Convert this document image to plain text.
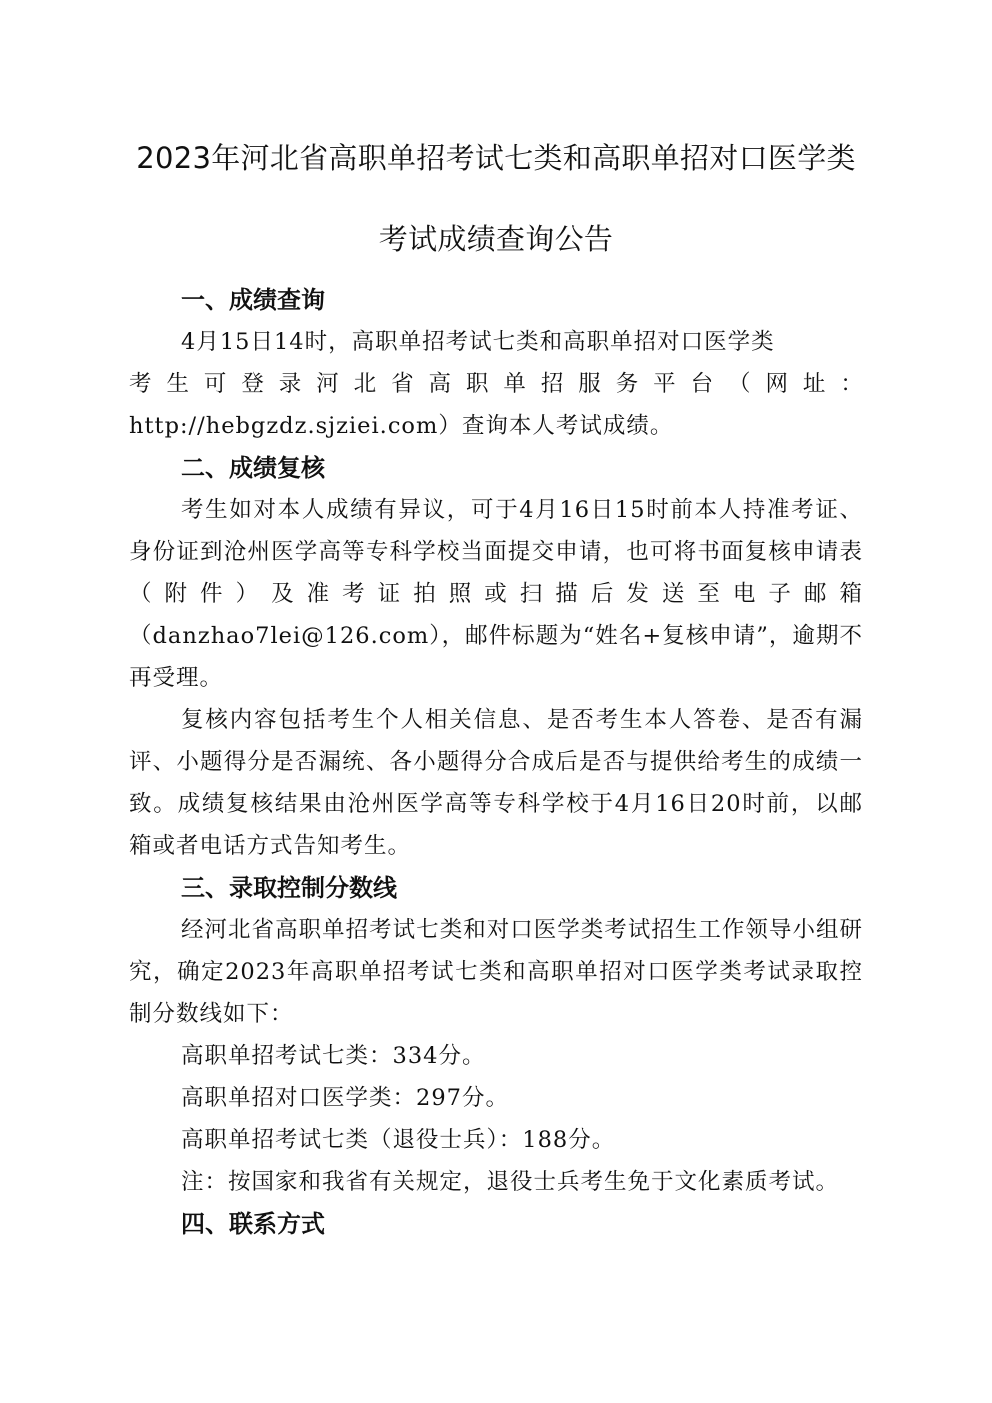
2023年河北省高职单招考试七类和高职单招对口医学类
考试成绩查询公告

一、成绩查询

4月15日14时，高职单招考试七类和高职单招对口医学类

考 生 可 登 录 河 北 省 高 职 单 招 服 务 平 台 （ 网 址 ：

http://hebgzdz.sjziei.com）查询本人考试成绩。

二、成绩复核

考生如对本人成绩有异议，可于4月16日15时前本人持准考证、身份证到沧州医学高等专科学校当面提交申请，也可将书面复核申请表（附件）及准考证拍照或扫描后发送至电子邮箱（danzhao7lei@126.com），邮件标题为“姓名+复核申请”，逾期不再受理。

复核内容包括考生个人相关信息、是否考生本人答卷、是否有漏评、小题得分是否漏统、各小题得分合成后是否与提供给考生的成绩一致。成绩复核结果由沧州医学高等专科学校于4月16日20时前，以邮箱或者电话方式告知考生。

三、录取控制分数线

经河北省高职单招考试七类和对口医学类考试招生工作领导小组研究，确定2023年高职单招考试七类和高职单招对口医学类考试录取控制分数线如下：

高职单招考试七类：334分。

高职单招对口医学类：297分。

高职单招考试七类（退役士兵）：188分。

注：按国家和我省有关规定，退役士兵考生免于文化素质考试。

四、联系方式
